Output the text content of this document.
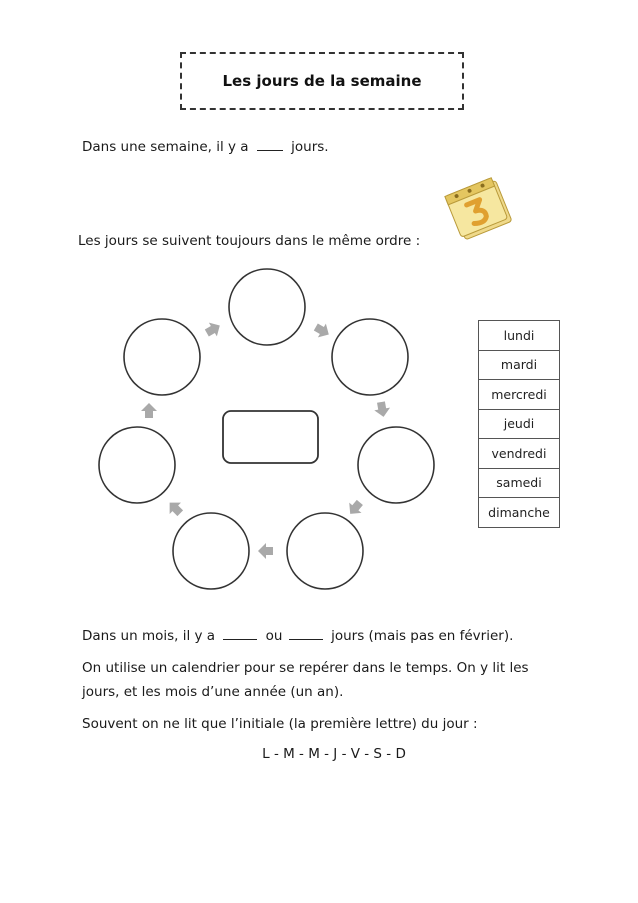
Les jours de la semaine
Dans une semaine, il y a	jours.
Les jours se suivent toujours dans le même ordre :
lundi
mardi
mercredi
jeudi
vendredi
samedi
dimanche
Dans un mois, il y a	ou	jours (mais pas en février).
On utilise un calendrier pour se repérer dans le temps. On y lit les
jours, et les mois d’une année (un an).
Souvent on ne lit que l’initiale (la première lettre) du jour :
L - M - M - J - V - S - D
